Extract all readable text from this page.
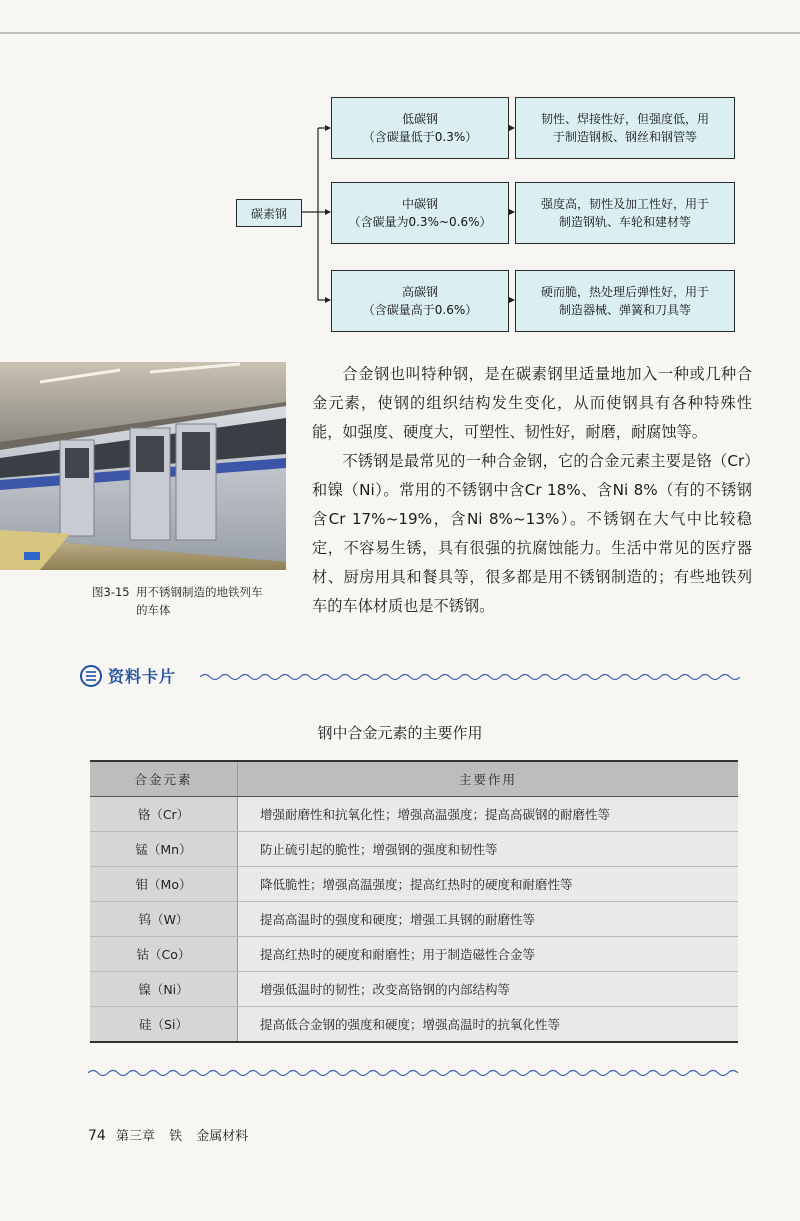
碳素钢
低碳钢
（含碳量低于0.3%）
韧性、焊接性好，但强度低，用
于制造钢板、钢丝和钢管等
中碳钢
（含碳量为0.3%~0.6%）
强度高，韧性及加工性好，用于
制造钢轨、车轮和建材等
高碳钢
（含碳量高于0.6%）
硬而脆，热处理后弹性好，用于
制造器械、弹簧和刀具等
图3-15 用不锈钢制造的地铁列车
的车体

合金钢也叫特种钢，是在碳素钢里适量地加入一种或几种合金元素，使钢的组织结构发生变化，从而使钢具有各种特殊性能，如强度、硬度大，可塑性、韧性好，耐磨，耐腐蚀等。

不锈钢是最常见的一种合金钢，它的合金元素主要是铬（Cr）和镍（Ni）。常用的不锈钢中含Cr 18%、含Ni 8%（有的不锈钢含Cr 17%~19%，含Ni 8%~13%）。不锈钢在大气中比较稳定，不容易生锈，具有很强的抗腐蚀能力。生活中常见的医疗器材、厨房用具和餐具等，很多都是用不锈钢制造的；有些地铁列车的车体材质也是不锈钢。

资料卡片
钢中合金元素的主要作用
合金元素	主要作用
铬（Cr）	增强耐磨性和抗氧化性；增强高温强度；提高高碳钢的耐磨性等
锰（Mn）	防止硫引起的脆性；增强钢的强度和韧性等
钼（Mo）	降低脆性；增强高温强度；提高红热时的硬度和耐磨性等
钨（W）	提高高温时的强度和硬度；增强工具钢的耐磨性等
钴（Co）	提高红热时的硬度和耐磨性；用于制造磁性合金等
镍（Ni）	增强低温时的韧性；改变高铬钢的内部结构等
硅（Si）	提高低合金钢的强度和硬度；增强高温时的抗氧化性等
74 第三章 铁 金属材料
